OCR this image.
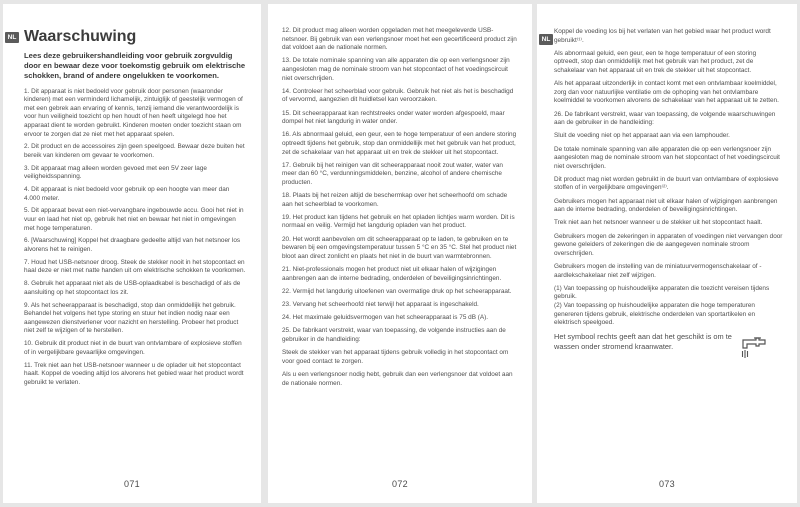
NL Waarschuwing

Lees deze gebruikershandleiding voor gebruik zorgvuldig door en bewaar deze voor toekomstig gebruik om elektrische schokken, brand of andere ongelukken te voorkomen.

1. Dit apparaat is niet bedoeld voor gebruik door personen (waaronder kinderen) met een verminderd lichamelijk, zintuiglijk of geestelijk vermogen of met een gebrek aan ervaring of kennis, tenzij iemand die verantwoordelijk is voor hun veiligheid toezicht op hen houdt of hen heeft uitgelegd hoe het apparaat dient te worden gebruikt. Kinderen moeten onder toezicht staan om ervoor te zorgen dat ze niet met het apparaat spelen.

2. Dit product en de accessoires zijn geen speelgoed. Bewaar deze buiten het bereik van kinderen om gevaar te voorkomen.

3. Dit apparaat mag alleen worden gevoed met een 5V zeer lage veiligheidsspanning.

4. Dit apparaat is niet bedoeld voor gebruik op een hoogte van meer dan 4.000 meter.

5. Dit apparaat bevat een niet-vervangbare ingebouwde accu. Gooi het niet in vuur en laad het niet op, gebruik het niet en bewaar het niet in omgevingen met hoge temperaturen.

6. [Waarschuwing] Koppel het draagbare gedeelte altijd van het netsnoer los alvorens het te reinigen.

7. Houd het USB-netsnoer droog. Steek de stekker nooit in het stopcontact en haal deze er niet met natte handen uit om elektrische schokken te voorkomen.

8. Gebruik het apparaat niet als de USB-oplaadkabel is beschadigd of als de aansluiting op het stopcontact los zit.

9. Als het scheerapparaat is beschadigd, stop dan onmiddellijk het gebruik. Behandel het volgens het type storing en stuur het indien nodig naar een aangewezen dienstverlener voor nazicht en herstelling. Probeer het product niet zelf te wijzigen of te herstellen.

10. Gebruik dit product niet in de buurt van ontvlambare of explosieve stoffen of in vergelijkbare gevaarlijke omgevingen.

11. Trek niet aan het USB-netsnoer wanneer u de oplader uit het stopcontact haalt. Koppel de voeding altijd los alvorens het gebied waar het product wordt gebruikt te verlaten.

071

12. Dit product mag alleen worden opgeladen met het meegeleverde USB-netsnoer. Bij gebruik van een verlengsnoer moet het een gecertificeerd product zijn dat voldoet aan de nationale normen.

13. De totale nominale spanning van alle apparaten die op een verlengsnoer zijn aangesloten mag de nominale stroom van het stopcontact of het voedingscircuit niet overschrijden.

14. Controleer het scheerblad voor gebruik. Gebruik het niet als het is beschadigd of vervormd, aangezien dit huidletsel kan veroorzaken.

15. Dit scheerapparaat kan rechtstreeks onder water worden afgespoeld, maar dompel het niet langdurig in water onder.

16. Als abnormaal geluid, een geur, een te hoge temperatuur of een andere storing optreedt tijdens het gebruik, stop dan onmiddellijk met het gebruik van het product, zet de schakelaar van het apparaat uit en trek de stekker uit het stopcontact.

17. Gebruik bij het reinigen van dit scheerapparaat nooit zout water, water van meer dan 60 °C, verdunningsmiddelen, benzine, alcohol of andere chemische producten.

18. Plaats bij het reizen altijd de beschermkap over het scheerhoofd om schade aan het scheerblad te voorkomen.

19. Het product kan tijdens het gebruik en het opladen lichtjes warm worden. Dit is normaal en veilig. Vermijd het langdurig opladen van het product.

20. Het wordt aanbevolen om dit scheerapparaat op te laden, te gebruiken en te bewaren bij een omgevingstemperatuur tussen 5 °C en 35 °C. Stel het product niet bloot aan direct zonlicht en plaats het niet in de buurt van warmtebronnen.

21. Niet-professionals mogen het product niet uit elkaar halen of wijzigingen aanbrengen aan de interne bedrading, onderdelen of beveiligingsinrichtingen.

22. Vermijd het langdurig uitoefenen van overmatige druk op het scheerapparaat.

23. Vervang het scheerhoofd niet terwijl het apparaat is ingeschakeld.

24. Het maximale geluidsvermogen van het scheerapparaat is 75 dB (A).

25. De fabrikant verstrekt, waar van toepassing, de volgende instructies aan de gebruiker in de handleiding:

Steek de stekker van het apparaat tijdens gebruik volledig in het stopcontact om voor goed contact te zorgen.

Als u een verlengsnoer nodig hebt, gebruik dan een verlengsnoer dat voldoet aan de nationale normen.

072
NL

Koppel de voeding los bij het verlaten van het gebied waar het product wordt gebruikt⁽¹⁾.

Als abnormaal geluid, een geur, een te hoge temperatuur of een storing optreedt, stop dan onmiddellijk met het gebruik van het product, zet de schakelaar van het apparaat uit en trek de stekker uit het stopcontact.

Als het apparaat uitzonderlijk in contact komt met een ontvlambaar koelmiddel, zorg dan voor natuurlijke ventilatie om de ophoping van het ontvlambare koelmiddel te voorkomen alvorens de schakelaar van het apparaat uit te zetten.

26. De fabrikant verstrekt, waar van toepassing, de volgende waarschuwingen aan de gebruiker in de handleiding:

Sluit de voeding niet op het apparaat aan via een lamphouder.

De totale nominale spanning van alle apparaten die op een verlengsnoer zijn aangesloten mag de nominale stroom van het stopcontact of het voedingscircuit niet overschrijden.

Dit product mag niet worden gebruikt in de buurt van ontvlambare of explosieve stoffen of in vergelijkbare omgevingen⁽²⁾.

Gebruikers mogen het apparaat niet uit elkaar halen of wijzigingen aanbrengen aan de interne bedrading, onderdelen of beveiligingsinrichtingen.

Trek niet aan het netsnoer wanneer u de stekker uit het stopcontact haalt.

Gebruikers mogen de zekeringen in apparaten of voedingen niet vervangen door gewone geleiders of zekeringen die de aangegeven nominale stroom overschrijden.

Gebruikers mogen de instelling van de miniatuurvermogenschakelaar of -aardlekschakelaar niet zelf wijzigen.

(1) Van toepassing op huishoudelijke apparaten die toezicht vereisen tijdens gebruik.

(2) Van toepassing op huishoudelijke apparaten die hoge temperaturen genereren tijdens gebruik, elektrische onderdelen van sportartikelen en elektrisch speelgoed.

Het symbool rechts geeft aan dat het geschikt is om te wassen onder stromend kraanwater.

073
